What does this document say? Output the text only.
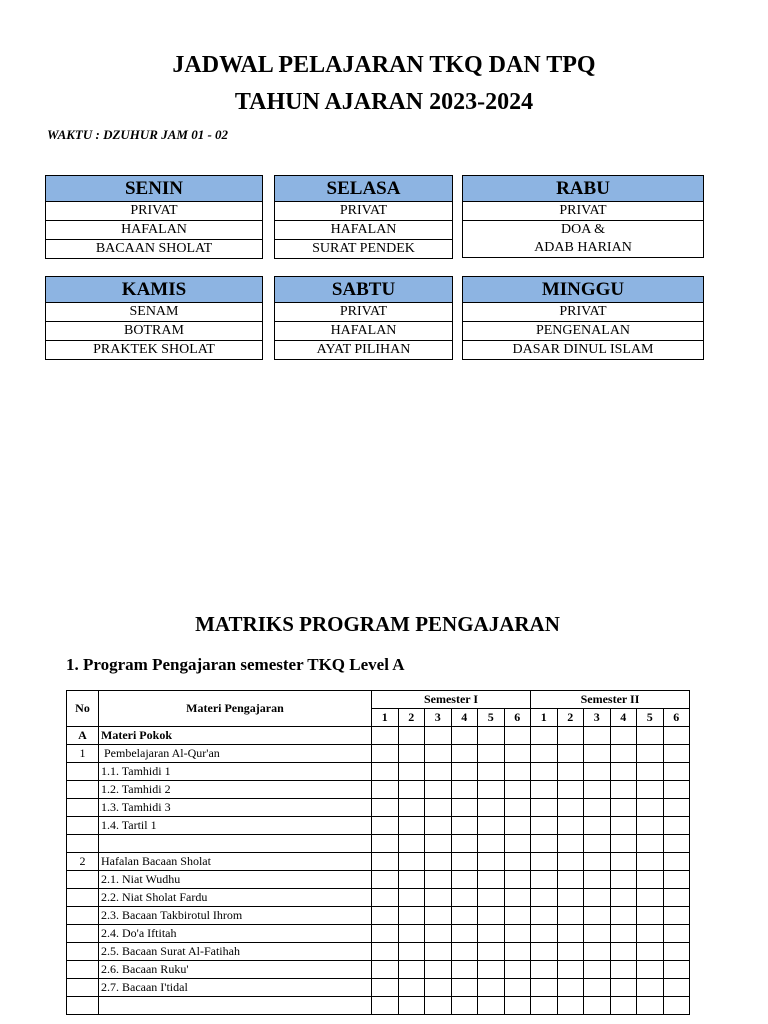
JADWAL PELAJARAN TKQ DAN TPQ
TAHUN AJARAN 2023-2024
WAKTU : DZUHUR JAM 01 - 02
SENIN
PRIVAT
HAFALAN
BACAAN SHOLAT
SELASA
PRIVAT
HAFALAN
SURAT PENDEK
RABU
PRIVAT
DOA &
ADAB HARIAN
KAMIS
SENAM
BOTRAM
PRAKTEK SHOLAT
SABTU
PRIVAT
HAFALAN
AYAT PILIHAN
MINGGU
PRIVAT
PENGENALAN
DASAR DINUL ISLAM
MATRIKS PROGRAM PENGAJARAN
1. Program Pengajaran semester TKQ Level A
No	Materi Pengajaran	Semester I						Semester II					
		1	2	3	4	5	6	1	2	3	4	5	6
A	Materi Pokok												
1	Pembelajaran Al-Qur'an												
	1.1. Tamhidi 1												
	1.2. Tamhidi 2												
	1.3. Tamhidi 3												
	1.4. Tartil 1												

2	Hafalan Bacaan Sholat												
	2.1. Niat Wudhu												
	2.2. Niat Sholat Fardu												
	2.3. Bacaan Takbirotul Ihrom												
	2.4. Do'a Iftitah												
	2.5. Bacaan Surat Al-Fatihah												
	2.6. Bacaan Ruku'												
	2.7. Bacaan I'tidal												
